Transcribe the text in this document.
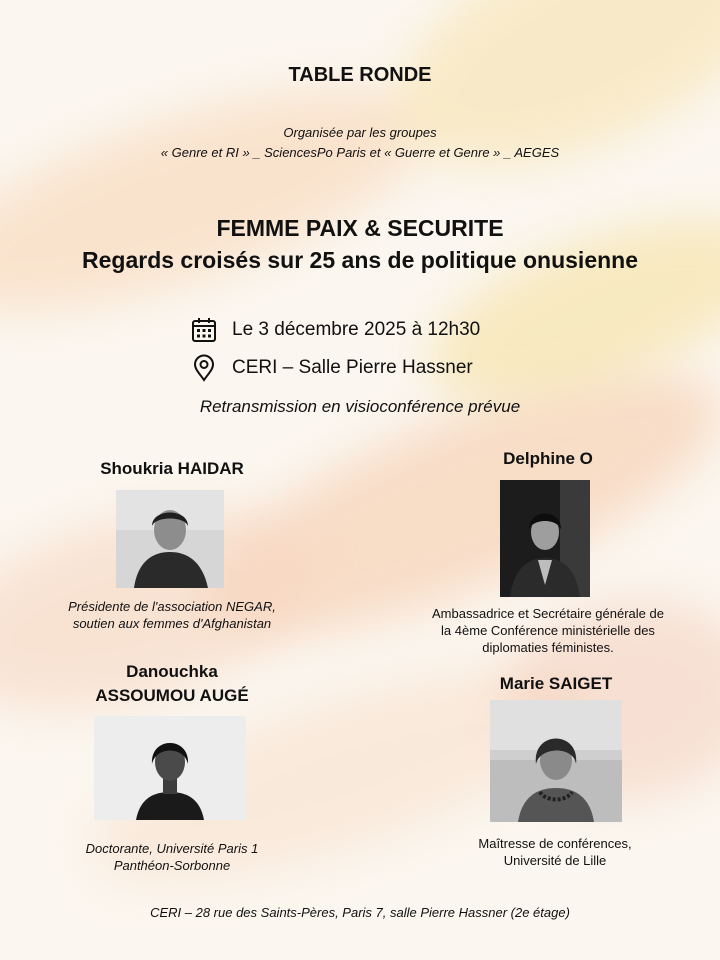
TABLE RONDE
Organisée par les groupes
« Genre et RI » _ SciencesPo Paris et « Guerre et Genre » _ AEGES
FEMME PAIX & SECURITE
Regards croisés sur 25 ans de politique onusienne
Le 3 décembre 2025 à 12h30
CERI – Salle Pierre Hassner
Retransmission en visioconférence prévue
Shoukria HAIDAR
Présidente de l'association NEGAR,
soutien aux femmes d'Afghanistan
Delphine O
Ambassadrice et Secrétaire générale de
la 4ème Conférence ministérielle des
diplomaties féministes.
Danouchka
ASSOUMOU AUGÉ
Doctorante, Université Paris 1
Panthéon-Sorbonne
Marie SAIGET
Maîtresse de conférences,
Université de Lille
CERI – 28 rue des Saints-Pères, Paris 7, salle Pierre Hassner (2e étage)
